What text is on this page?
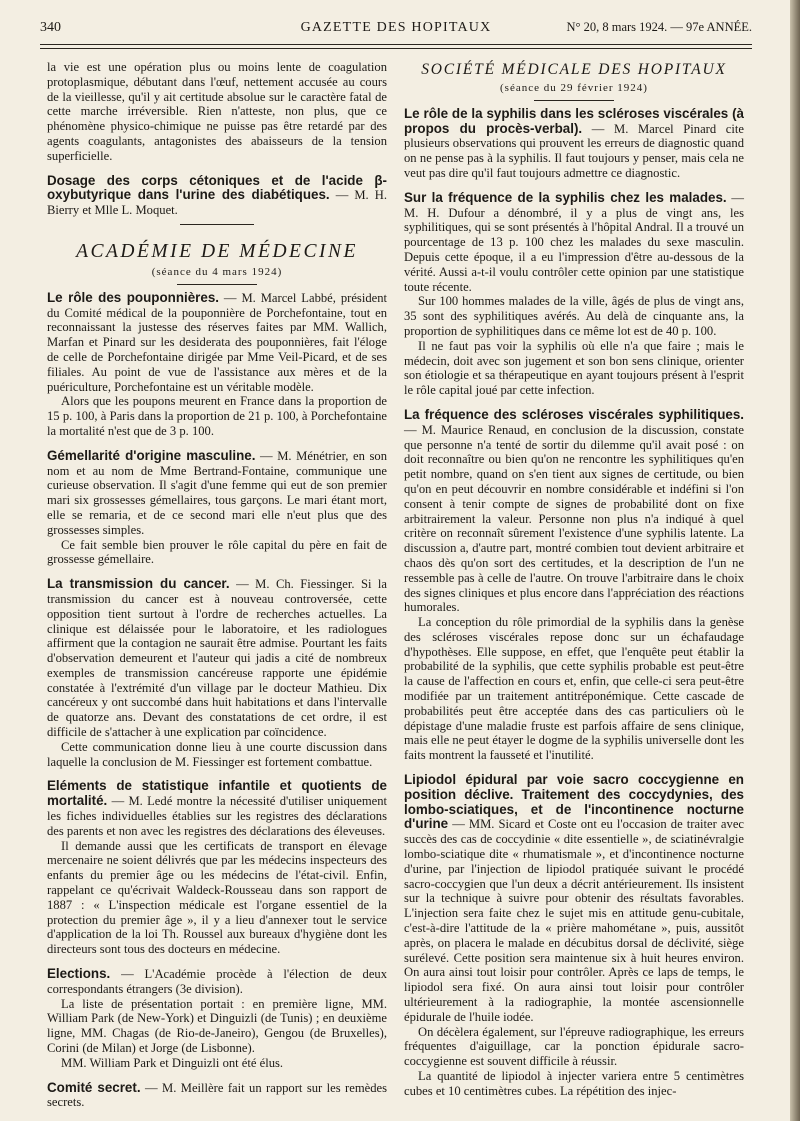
340	GAZETTE DES HOPITAUX	N° 20, 8 mars 1924. — 97e ANNÉE.

la vie est une opération plus ou moins lente de coagulation protoplasmique, débutant dans l'œuf, nettement accusée au cours de la vieillesse, qu'il y ait certitude absolue sur le caractère fatal de cette marche irréversible. Rien n'atteste, non plus, que ce phénomène physico-chimique ne puisse pas être retardé par des agents coagulants, antagonistes des abaisseurs de la tension superficielle.

Dosage des corps cétoniques et de l'acide β-oxybutyrique dans l'urine des diabétiques. — M. H. Bierry et Mlle L. Moquet.

ACADÉMIE DE MÉDECINE
(séance du 4 mars 1924)

Le rôle des pouponnières. — M. Marcel Labbé, président du Comité médical de la pouponnière de Porchefontaine, tout en reconnaissant la justesse des réserves faites par MM. Wallich, Marfan et Pinard sur les desiderata des pouponnières, fait l'éloge de celle de Porchefontaine dirigée par Mme Veil-Picard, et de ses filiales. Au point de vue de l'assistance aux mères et de la puériculture, Porchefontaine est un véritable modèle.

Alors que les poupons meurent en France dans la proportion de 15 p. 100, à Paris dans la proportion de 21 p. 100, à Porchefontaine la mortalité n'est que de 3 p. 100.

Gémellarité d'origine masculine. — M. Ménétrier, en son nom et au nom de Mme Bertrand-Fontaine, communique une curieuse observation. Il s'agit d'une femme qui eut de son premier mari six grossesses gémellaires, tous garçons. Le mari étant mort, elle se remaria, et de ce second mari elle n'eut plus que des grossesses simples.

Ce fait semble bien prouver le rôle capital du père en fait de grossesse gémellaire.

La transmission du cancer. — M. Ch. Fiessinger. Si la transmission du cancer est à nouveau controversée, cette opposition tient surtout à l'ordre de recherches actuelles. La clinique est délaissée pour le laboratoire, et les radiologues affirment que la contagion ne saurait être admise. Pourtant les faits d'observation demeurent et l'auteur qui jadis a cité de nombreux exemples de transmission cancéreuse rapporte une épidémie constatée à l'extrémité d'un village par le docteur Mathieu. Dix cancéreux y ont succombé dans huit habitations et dans l'intervalle de quatorze ans. Devant des constatations de cet ordre, il est difficile de s'attacher à une explication par coïncidence.

Cette communication donne lieu à une courte discussion dans laquelle la conclusion de M. Fiessinger est fortement combattue.

Eléments de statistique infantile et quotients de mortalité. — M. Ledé montre la nécessité d'utiliser uniquement les fiches individuelles établies sur les registres des déclarations des parents et non avec les registres des déclarations des éleveuses.

Il demande aussi que les certificats de transport en élevage mercenaire ne soient délivrés que par les médecins inspecteurs des enfants du premier âge ou les médecins de l'état-civil. Enfin, rappelant ce qu'écrivait Waldeck-Rousseau dans son rapport de 1887 : « L'inspection médicale est l'organe essentiel de la protection du premier âge », il y a lieu d'annexer tout le service d'application de la loi Th. Roussel aux bureaux d'hygiène dont les directeurs sont tous des docteurs en médecine.

Elections. — L'Académie procède à l'élection de deux correspondants étrangers (3e division).

La liste de présentation portait : en première ligne, MM. William Park (de New-York) et Dinguizli (de Tunis) ; en deuxième ligne, MM. Chagas (de Rio-de-Janeiro), Gengou (de Bruxelles), Corini (de Milan) et Jorge (de Lisbonne).

MM. William Park et Dinguizli ont été élus.

Comité secret. — M. Meillère fait un rapport sur les remèdes secrets.

SOCIÉTÉ MÉDICALE DES HOPITAUX
(séance du 29 février 1924)

Le rôle de la syphilis dans les scléroses viscérales (à propos du procès-verbal). — M. Marcel Pinard cite plusieurs observations qui prouvent les erreurs de diagnostic quand on ne pense pas à la syphilis. Il faut toujours y penser, mais cela ne veut pas dire qu'il faut toujours admettre ce diagnostic.

Sur la fréquence de la syphilis chez les malades. — M. H. Dufour a dénombré, il y a plus de vingt ans, les syphilitiques, qui se sont présentés à l'hôpital Andral. Il a trouvé un pourcentage de 13 p. 100 chez les malades du sexe masculin. Depuis cette époque, il a eu l'impression d'être au-dessous de la vérité. Aussi a-t-il voulu contrôler cette opinion par une statistique toute récente.

Sur 100 hommes malades de la ville, âgés de plus de vingt ans, 35 sont des syphilitiques avérés. Au delà de cinquante ans, la proportion de syphilitiques dans ce même lot est de 40 p. 100.

Il ne faut pas voir la syphilis où elle n'a que faire ; mais le médecin, doit avec son jugement et son bon sens clinique, orienter son étiologie et sa thérapeutique en ayant toujours présent à l'esprit le rôle capital joué par cette infection.

La fréquence des scléroses viscérales syphilitiques. — M. Maurice Renaud, en conclusion de la discussion, constate que personne n'a tenté de sortir du dilemme qu'il avait posé : on doit reconnaître ou bien qu'on ne rencontre les syphilitiques qu'en petit nombre, quand on s'en tient aux signes de certitude, ou bien qu'on en peut découvrir en nombre considérable et indéfini si l'on consent à tenir compte de signes de probabilité dont on fixe arbitrairement la valeur. Personne non plus n'a indiqué à quel critère on reconnaît sûrement l'existence d'une syphilis latente. La discussion a, d'autre part, montré combien tout devient arbitraire et chaos dès qu'on sort des certitudes, et la description de l'un ne ressemble pas à celle de l'autre. On trouve l'arbitraire dans le choix des signes cliniques et plus encore dans l'appréciation des réactions humorales.

La conception du rôle primordial de la syphilis dans la genèse des scléroses viscérales repose donc sur un échafaudage d'hypothèses. Elle suppose, en effet, que l'enquête peut établir la probabilité de la syphilis, que cette syphilis probable est peut-être la cause de l'affection en cours et, enfin, que celle-ci sera peut-être modifiée par un traitement antitréponémique. Cette cascade de probabilités peut être acceptée dans des cas particuliers où le dépistage d'une maladie fruste est parfois affaire de sens clinique, mais elle ne peut étayer le dogme de la syphilis universelle dont les faits montrent la fausseté et l'inutilité.

Lipiodol épidural par voie sacro coccygienne en position déclive. Traitement des coccydynies, des lombo-sciatiques, et de l'incontinence nocturne d'urine — MM. Sicard et Coste ont eu l'occasion de traiter avec succès des cas de coccydinie « dite essentielle », de sciatinévralgie lombo-sciatique dite « rhumatismale », et d'incontinence nocturne d'urine, par l'injection de lipiodol pratiquée suivant le procédé sacro-coccygien que l'un deux a décrit antérieurement. Ils insistent sur la technique à suivre pour obtenir des résultats favorables. L'injection sera faite chez le sujet mis en attitude genu-cubitale, c'est-à-dire l'attitude de la « prière mahométane », puis, aussitôt après, on placera le malade en décubitus dorsal de déclivité, siège surélevé. Cette position sera maintenue six à huit heures environ. On aura ainsi tout loisir pour contrôler. Après ce laps de temps, le lipiodol sera fixé. On aura ainsi tout loisir pour contrôler ultérieurement à la radiographie, la montée ascensionnelle épidurale de l'huile iodée.

On décèlera également, sur l'épreuve radiographique, les erreurs fréquentes d'aiguillage, car la ponction épidurale sacro-coccygienne est souvent difficile à réussir.

La quantité de lipiodol à injecter variera entre 5 centimètres cubes et 10 centimètres cubes. La répétition des injec-
